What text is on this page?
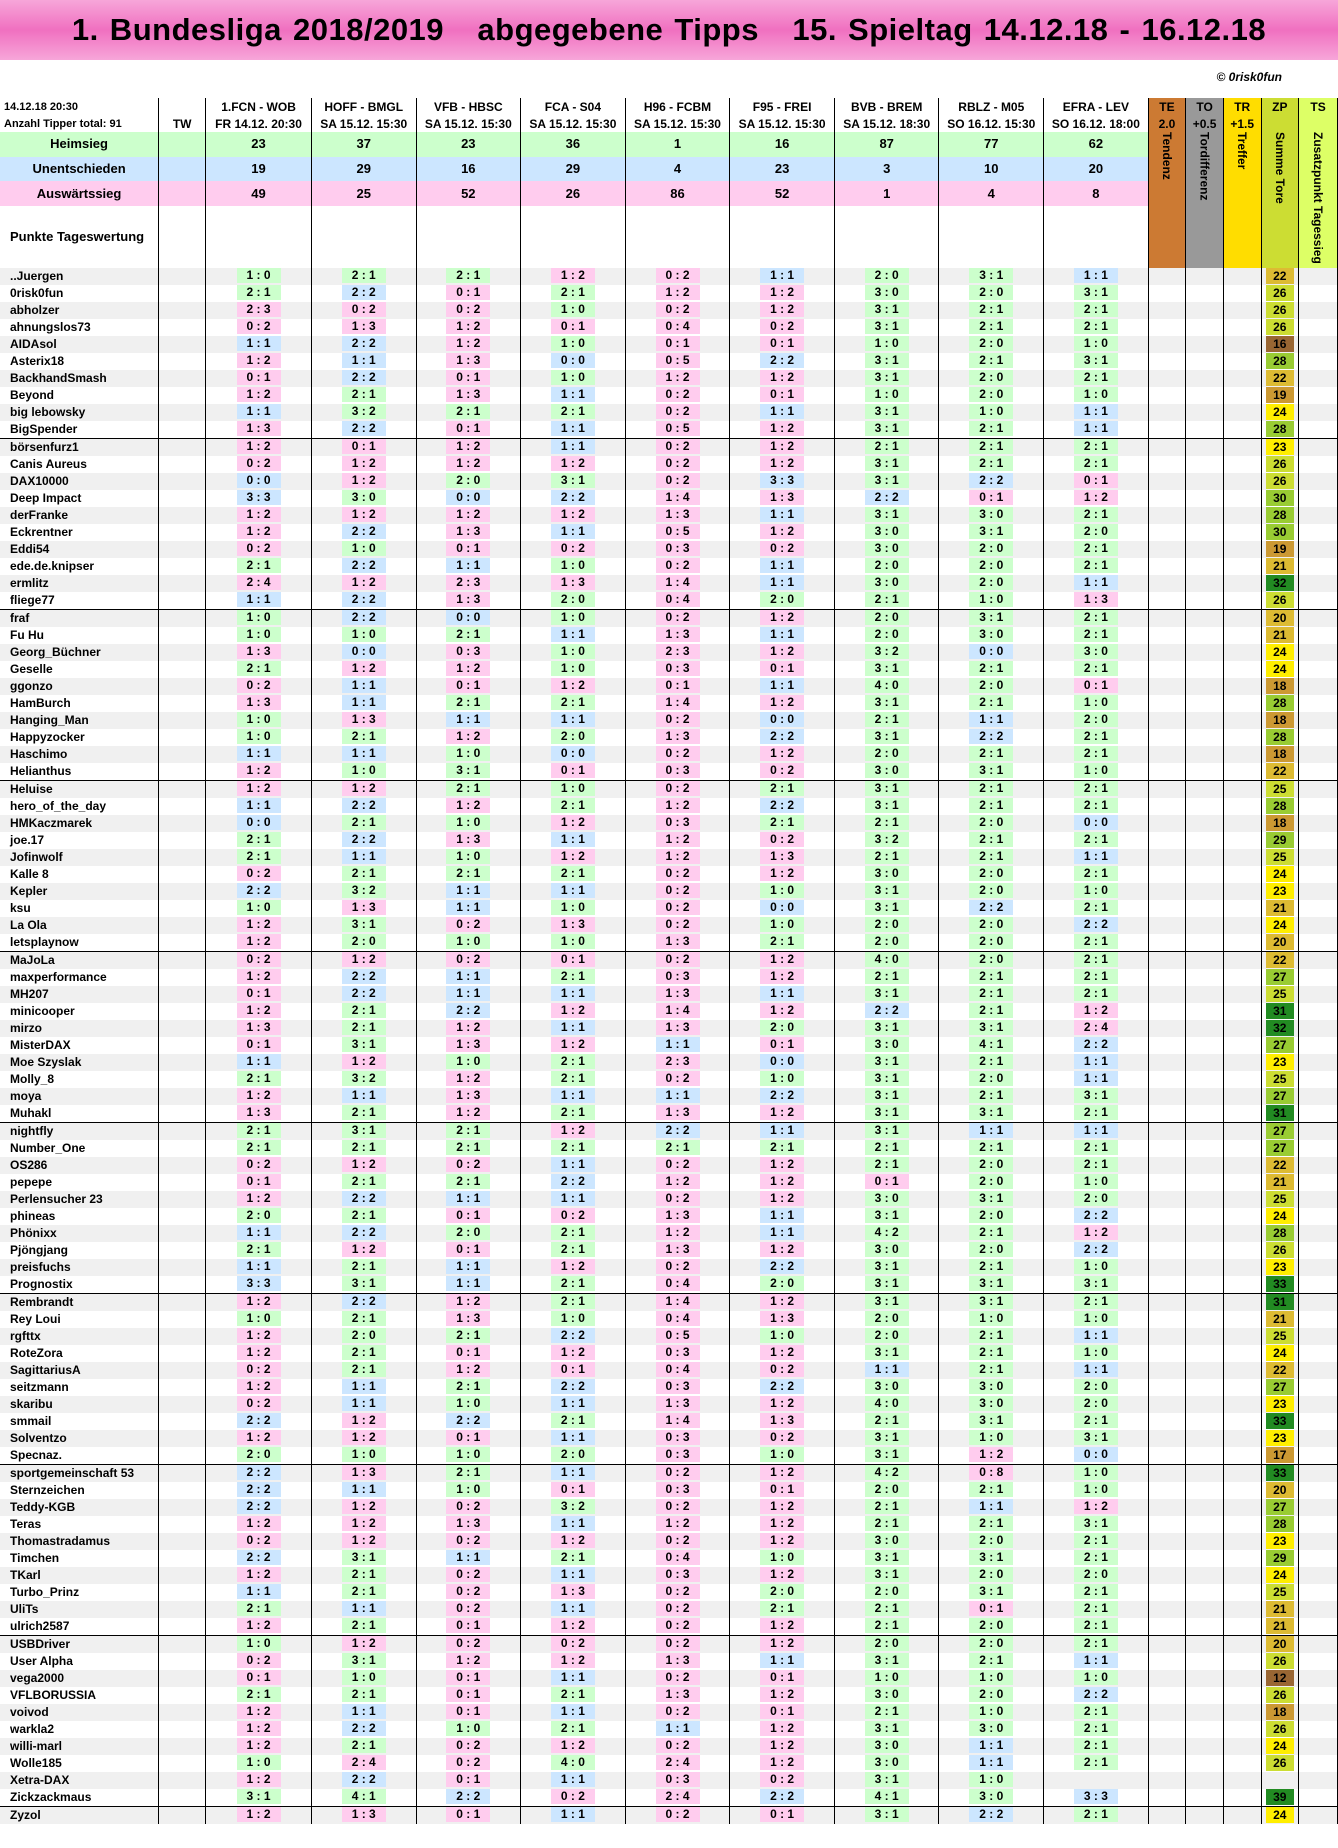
1. Bundesliga 2018/2019 abgegebene Tipps 15. Spieltag 14.12.18 - 16.12.18
© 0risk0fun
14.12.18 20:30		1.FCN - WOB	HOFF - BMGL	VFB - HBSC	FCA - S04	H96 - FCBM	F95 - FREI	BVB - BREM	RBLZ - M05	EFRA - LEV	TE	TO	TR	ZP	TS
Anzahl Tipper total: 91	TW	FR 14.12. 20:30	SA 15.12. 15:30	SA 15.12. 15:30	SA 15.12. 15:30	SA 15.12. 15:30	SA 15.12. 15:30	SA 15.12. 18:30	SO 16.12. 15:30	SO 16.12. 18:00	2.0	+0.5	+1.5		
Heimsieg		23	37	23	36	1	16	87	77	62	Tendenz	Tordifferenz	Treffer	Summe Tore	Zusatzpunkt Tagessieg
Unentschieden		19	29	16	29	4	23	3	10	20					
Auswärtssieg		49	25	52	26	86	52	1	4	8					
Punkte Tageswertung															
..Juergen		1 : 0	2 : 1	2 : 1	1 : 2	0 : 2	1 : 1	2 : 0	3 : 1	1 : 1				22	
0risk0fun		2 : 1	2 : 2	0 : 1	2 : 1	1 : 2	1 : 2	3 : 0	2 : 0	3 : 1				26	
abholzer		2 : 3	0 : 2	0 : 2	1 : 0	0 : 2	1 : 2	3 : 1	2 : 1	2 : 1				26	
ahnungslos73		0 : 2	1 : 3	1 : 2	0 : 1	0 : 4	0 : 2	3 : 1	2 : 1	2 : 1				26	
AIDAsol		1 : 1	2 : 2	1 : 2	1 : 0	0 : 1	0 : 1	1 : 0	2 : 0	1 : 0				16	
Asterix18		1 : 2	1 : 1	1 : 3	0 : 0	0 : 5	2 : 2	3 : 1	2 : 1	3 : 1				28	
BackhandSmash		0 : 1	2 : 2	0 : 1	1 : 0	1 : 2	1 : 2	3 : 1	2 : 0	2 : 1				22	
Beyond		1 : 2	2 : 1	1 : 3	1 : 1	0 : 2	0 : 1	1 : 0	2 : 0	1 : 0				19	
big lebowsky		1 : 1	3 : 2	2 : 1	2 : 1	0 : 2	1 : 1	3 : 1	1 : 0	1 : 1				24	
BigSpender		1 : 3	2 : 2	0 : 1	1 : 1	0 : 5	1 : 2	3 : 1	2 : 1	1 : 1				28	
börsenfurz1		1 : 2	0 : 1	1 : 2	1 : 1	0 : 2	1 : 2	2 : 1	2 : 1	2 : 1				23	
Canis Aureus		0 : 2	1 : 2	1 : 2	1 : 2	0 : 2	1 : 2	3 : 1	2 : 1	2 : 1				26	
DAX10000		0 : 0	1 : 2	2 : 0	3 : 1	0 : 2	3 : 3	3 : 1	2 : 2	0 : 1				26	
Deep Impact		3 : 3	3 : 0	0 : 0	2 : 2	1 : 4	1 : 3	2 : 2	0 : 1	1 : 2				30	
derFranke		1 : 2	1 : 2	1 : 2	1 : 2	1 : 3	1 : 1	3 : 1	3 : 0	2 : 1				28	
Eckrentner		1 : 2	2 : 2	1 : 3	1 : 1	0 : 5	1 : 2	3 : 0	3 : 1	2 : 0				30	
Eddi54		0 : 2	1 : 0	0 : 1	0 : 2	0 : 3	0 : 2	3 : 0	2 : 0	2 : 1				19	
ede.de.knipser		2 : 1	2 : 2	1 : 1	1 : 0	0 : 2	1 : 1	2 : 0	2 : 0	2 : 1				21	
ermlitz		2 : 4	1 : 2	2 : 3	1 : 3	1 : 4	1 : 1	3 : 0	2 : 0	1 : 1				32	
fliege77		1 : 1	2 : 2	1 : 3	2 : 0	0 : 4	2 : 0	2 : 1	1 : 0	1 : 3				26	
fraf		1 : 0	2 : 2	0 : 0	1 : 0	0 : 2	1 : 2	2 : 0	3 : 1	2 : 1				20	
Fu Hu		1 : 0	1 : 0	2 : 1	1 : 1	1 : 3	1 : 1	2 : 0	3 : 0	2 : 1				21	
Georg_Büchner		1 : 3	0 : 0	0 : 3	1 : 0	2 : 3	1 : 2	3 : 2	0 : 0	3 : 0				24	
Geselle		2 : 1	1 : 2	1 : 2	1 : 0	0 : 3	0 : 1	3 : 1	2 : 1	2 : 1				24	
ggonzo		0 : 2	1 : 1	0 : 1	1 : 2	0 : 1	1 : 1	4 : 0	2 : 0	0 : 1				18	
HamBurch		1 : 3	1 : 1	2 : 1	2 : 1	1 : 4	1 : 2	3 : 1	2 : 1	1 : 0				28	
Hanging_Man		1 : 0	1 : 3	1 : 1	1 : 1	0 : 2	0 : 0	2 : 1	1 : 1	2 : 0				18	
Happyzocker		1 : 0	2 : 1	1 : 2	2 : 0	1 : 3	2 : 2	3 : 1	2 : 2	2 : 1				28	
Haschimo		1 : 1	1 : 1	1 : 0	0 : 0	0 : 2	1 : 2	2 : 0	2 : 1	2 : 1				18	
Helianthus		1 : 2	1 : 0	3 : 1	0 : 1	0 : 3	0 : 2	3 : 0	3 : 1	1 : 0				22	
Heluise		1 : 2	1 : 2	2 : 1	1 : 0	0 : 2	2 : 1	3 : 1	2 : 1	2 : 1				25	
hero_of_the_day		1 : 1	2 : 2	1 : 2	2 : 1	1 : 2	2 : 2	3 : 1	2 : 1	2 : 1				28	
HMKaczmarek		0 : 0	2 : 1	1 : 0	1 : 2	0 : 3	2 : 1	2 : 1	2 : 0	0 : 0				18	
joe.17		2 : 1	2 : 2	1 : 3	1 : 1	1 : 2	0 : 2	3 : 2	2 : 1	2 : 1				29	
Jofinwolf		2 : 1	1 : 1	1 : 0	1 : 2	1 : 2	1 : 3	2 : 1	2 : 1	1 : 1				25	
Kalle 8		0 : 2	2 : 1	2 : 1	2 : 1	0 : 2	1 : 2	3 : 0	2 : 0	2 : 1				24	
Kepler		2 : 2	3 : 2	1 : 1	1 : 1	0 : 2	1 : 0	3 : 1	2 : 0	1 : 0				23	
ksu		1 : 0	1 : 3	1 : 1	1 : 0	0 : 2	0 : 0	3 : 1	2 : 2	2 : 1				21	
La Ola		1 : 2	3 : 1	0 : 2	1 : 3	0 : 2	1 : 0	2 : 0	2 : 0	2 : 2				24	
letsplaynow		1 : 2	2 : 0	1 : 0	1 : 0	1 : 3	2 : 1	2 : 0	2 : 0	2 : 1				20	
MaJoLa		0 : 2	1 : 2	0 : 2	0 : 1	0 : 2	1 : 2	4 : 0	2 : 0	2 : 1				22	
maxperformance		1 : 2	2 : 2	1 : 1	2 : 1	0 : 3	1 : 2	2 : 1	2 : 1	2 : 1				27	
MH207		0 : 1	2 : 2	1 : 1	1 : 1	1 : 3	1 : 1	3 : 1	2 : 1	2 : 1				25	
minicooper		1 : 2	2 : 1	2 : 2	1 : 2	1 : 4	1 : 2	2 : 2	2 : 1	1 : 2				31	
mirzo		1 : 3	2 : 1	1 : 2	1 : 1	1 : 3	2 : 0	3 : 1	3 : 1	2 : 4				32	
MisterDAX		0 : 1	3 : 1	1 : 3	1 : 2	1 : 1	0 : 1	3 : 0	4 : 1	2 : 2				27	
Moe Szyslak		1 : 1	1 : 2	1 : 0	2 : 1	2 : 3	0 : 0	3 : 1	2 : 1	1 : 1				23	
Molly_8		2 : 1	3 : 2	1 : 2	2 : 1	0 : 2	1 : 0	3 : 1	2 : 0	1 : 1				25	
moya		1 : 2	1 : 1	1 : 3	1 : 1	1 : 1	2 : 2	3 : 1	2 : 1	3 : 1				27	
Muhakl		1 : 3	2 : 1	1 : 2	2 : 1	1 : 3	1 : 2	3 : 1	3 : 1	2 : 1				31	
nightfly		2 : 1	3 : 1	2 : 1	1 : 2	2 : 2	1 : 1	3 : 1	1 : 1	1 : 1				27	
Number_One		2 : 1	2 : 1	2 : 1	2 : 1	2 : 1	2 : 1	2 : 1	2 : 1	2 : 1				27	
OS286		0 : 2	1 : 2	0 : 2	1 : 1	0 : 2	1 : 2	2 : 1	2 : 0	2 : 1				22	
pepepe		0 : 1	2 : 1	2 : 1	2 : 2	1 : 2	1 : 2	0 : 1	2 : 0	1 : 0				21	
Perlensucher 23		1 : 2	2 : 2	1 : 1	1 : 1	0 : 2	1 : 2	3 : 0	3 : 1	2 : 0				25	
phineas		2 : 0	2 : 1	0 : 1	0 : 2	1 : 3	1 : 1	3 : 1	2 : 0	2 : 2				24	
Phönixx		1 : 1	2 : 2	2 : 0	2 : 1	1 : 2	1 : 1	4 : 2	2 : 1	1 : 2				28	
Pjöngjang		2 : 1	1 : 2	0 : 1	2 : 1	1 : 3	1 : 2	3 : 0	2 : 0	2 : 2				26	
preisfuchs		1 : 1	2 : 1	1 : 1	1 : 2	0 : 2	2 : 2	3 : 1	2 : 1	1 : 0				23	
Prognostix		3 : 3	3 : 1	1 : 1	2 : 1	0 : 4	2 : 0	3 : 1	3 : 1	3 : 1				33	
Rembrandt		1 : 2	2 : 2	1 : 2	2 : 1	1 : 4	1 : 2	3 : 1	3 : 1	2 : 1				31	
Rey Loui		1 : 0	2 : 1	1 : 3	1 : 0	0 : 4	1 : 3	2 : 0	1 : 0	1 : 0				21	
rgfttx		1 : 2	2 : 0	2 : 1	2 : 2	0 : 5	1 : 0	2 : 0	2 : 1	1 : 1				25	
RoteZora		1 : 2	2 : 1	0 : 1	1 : 2	0 : 3	1 : 2	3 : 1	2 : 1	1 : 0				24	
SagittariusA		0 : 2	2 : 1	1 : 2	0 : 1	0 : 4	0 : 2	1 : 1	2 : 1	1 : 1				22	
seitzmann		1 : 2	1 : 1	2 : 1	2 : 2	0 : 3	2 : 2	3 : 0	3 : 0	2 : 0				27	
skaribu		0 : 2	1 : 1	1 : 0	1 : 1	1 : 3	1 : 2	4 : 0	3 : 0	2 : 0				23	
smmail		2 : 2	1 : 2	2 : 2	2 : 1	1 : 4	1 : 3	2 : 1	3 : 1	2 : 1				33	
Solventzo		1 : 2	1 : 2	0 : 1	1 : 1	0 : 3	0 : 2	3 : 1	1 : 0	3 : 1				23	
Specnaz.		2 : 0	1 : 0	1 : 0	2 : 0	0 : 3	1 : 0	3 : 1	1 : 2	0 : 0				17	
sportgemeinschaft 53		2 : 2	1 : 3	2 : 1	1 : 1	0 : 2	1 : 2	4 : 2	0 : 8	1 : 0				33	
Sternzeichen		2 : 2	1 : 1	1 : 0	0 : 1	0 : 3	0 : 1	2 : 0	2 : 1	1 : 0				20	
Teddy-KGB		2 : 2	1 : 2	0 : 2	3 : 2	0 : 2	1 : 2	2 : 1	1 : 1	1 : 2				27	
Teras		1 : 2	1 : 2	1 : 3	1 : 1	1 : 2	1 : 2	2 : 1	2 : 1	3 : 1				28	
Thomastradamus		0 : 2	1 : 2	0 : 2	1 : 2	0 : 2	1 : 2	3 : 0	2 : 0	2 : 1				23	
Timchen		2 : 2	3 : 1	1 : 1	2 : 1	0 : 4	1 : 0	3 : 1	3 : 1	2 : 1				29	
TKarl		1 : 2	2 : 1	0 : 2	1 : 1	0 : 3	1 : 2	3 : 1	2 : 0	2 : 0				24	
Turbo_Prinz		1 : 1	2 : 1	0 : 2	1 : 3	0 : 2	2 : 0	2 : 0	3 : 1	2 : 1				25	
UliTs		2 : 1	1 : 1	0 : 2	1 : 1	0 : 2	2 : 1	2 : 1	0 : 1	2 : 1				21	
ulrich2587		1 : 2	2 : 1	0 : 1	1 : 2	0 : 2	1 : 2	2 : 1	2 : 0	2 : 1				21	
USBDriver		1 : 0	1 : 2	0 : 2	0 : 2	0 : 2	1 : 2	2 : 0	2 : 0	2 : 1				20	
User Alpha		0 : 2	3 : 1	1 : 2	1 : 2	1 : 3	1 : 1	3 : 1	2 : 1	1 : 1				26	
vega2000		0 : 1	1 : 0	0 : 1	1 : 1	0 : 2	0 : 1	1 : 0	1 : 0	1 : 0				12	
VFLBORUSSIA		2 : 1	2 : 1	0 : 1	2 : 1	1 : 3	1 : 2	3 : 0	2 : 0	2 : 2				26	
voivod		1 : 2	1 : 1	0 : 1	1 : 1	0 : 2	0 : 1	2 : 1	1 : 0	2 : 1				18	
warkla2		1 : 2	2 : 2	1 : 0	2 : 1	1 : 1	1 : 2	3 : 1	3 : 0	2 : 1				26	
willi-marl		1 : 2	2 : 1	0 : 2	1 : 2	0 : 2	1 : 2	3 : 0	1 : 1	2 : 1				24	
Wolle185		1 : 0	2 : 4	0 : 2	4 : 0	2 : 4	1 : 2	3 : 0	1 : 1	2 : 1				26	
Xetra-DAX		1 : 2	2 : 2	0 : 1	1 : 1	0 : 3	0 : 2	3 : 1	1 : 0						
Zickzackmaus		3 : 1	4 : 1	2 : 2	0 : 2	2 : 4	2 : 2	4 : 1	3 : 0	3 : 3				39	
Zyzol		1 : 2	1 : 3	0 : 1	1 : 1	0 : 2	0 : 1	3 : 1	2 : 2	2 : 1				24	
